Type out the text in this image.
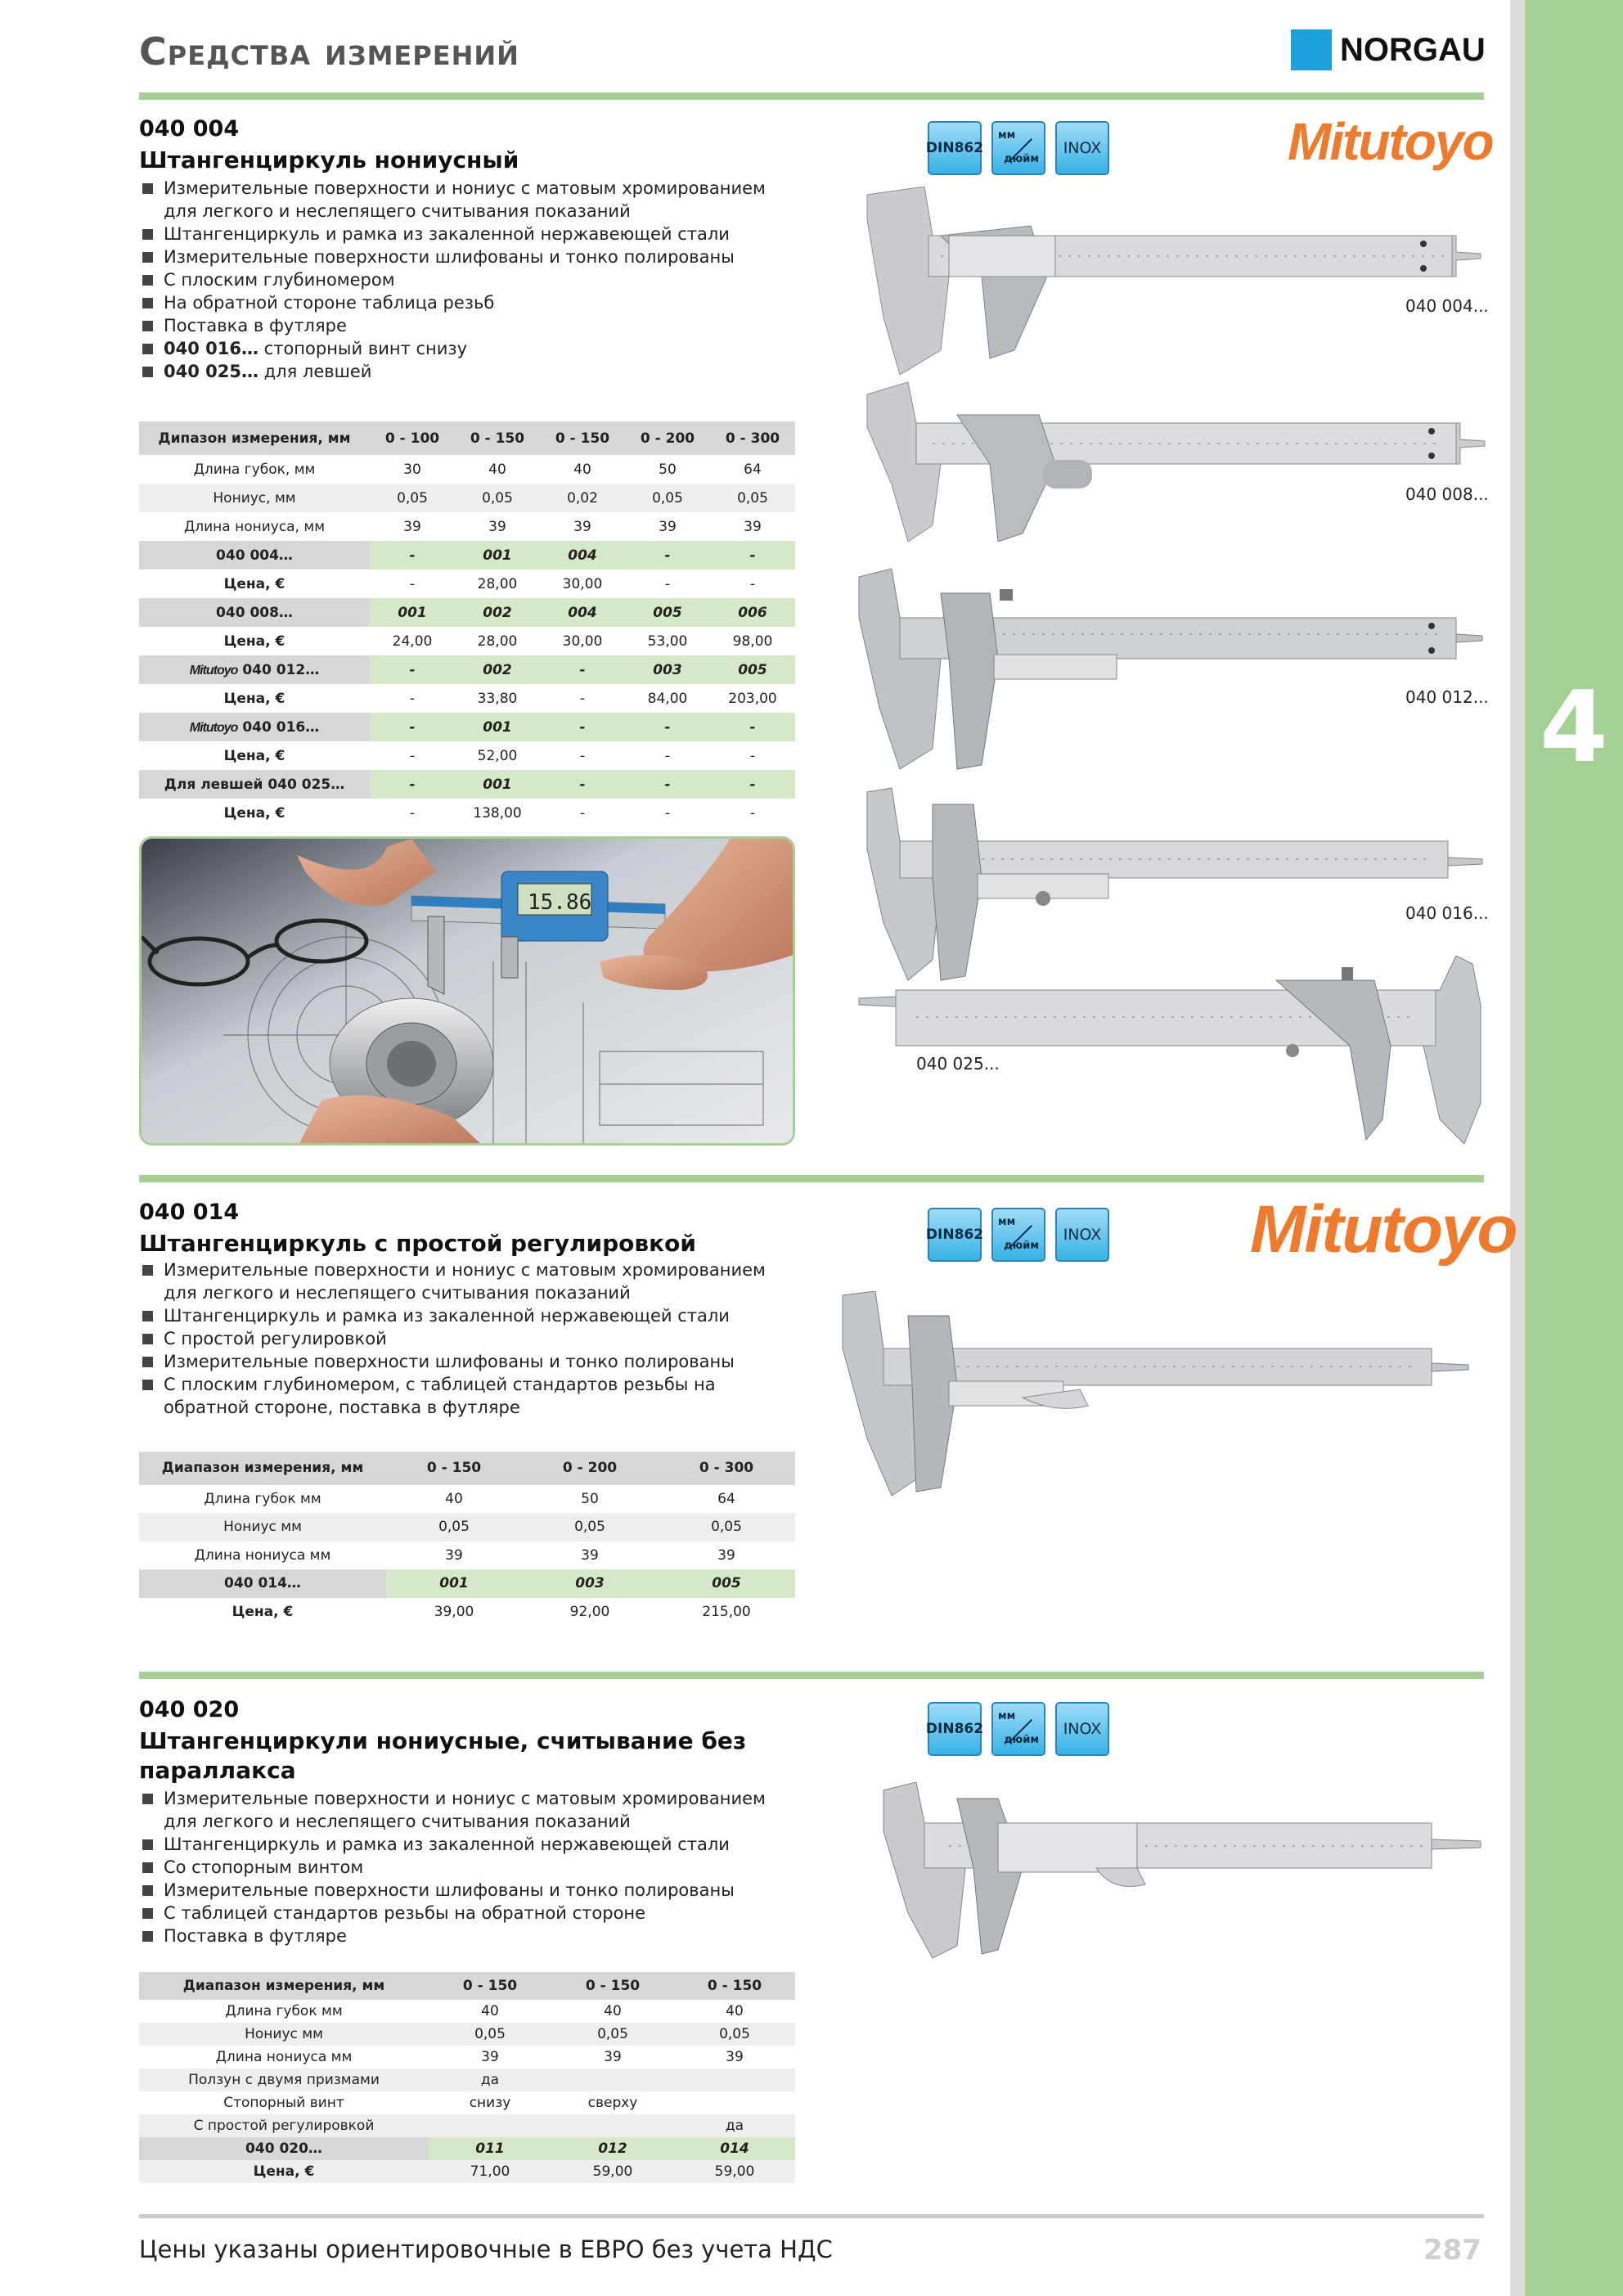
4
Средства измерений	NORGAU
040 004
Штангенциркуль нониусный
Измерительные поверхности и нониус с матовым хромированием для легкого и неслепящего считывания показаний
Штангенциркуль и рамка из закаленной нержавеющей стали
Измерительные поверхности шлифованы и тонко полированы
С плоским глубиномером
На обратной стороне таблица резьб
Поставка в футляре
040 016… стопорный винт снизу
040 025… для левшей
DIN 862
мм
дюйм
INOX	Mitutoyo
Дипазон измерения, мм	0 - 100	0 - 150	0 - 150	0 - 200	0 - 300
Длина губок, мм	30	40	40	50	64
Нониус, мм	0,05	0,05	0,02	0,05	0,05
Длина нониуса, мм	39	39	39	39	39
040 004…	-	001	004	-	-
Цена, €	-	28,00	30,00	-	-
040 008…	001	002	004	005	006
Цена, €	24,00	28,00	30,00	53,00	98,00
Mitutoyo 040 012…	-	002	-	003	005
Цена, €	-	33,80	-	84,00	203,00
Mitutoyo 040 016…	-	001	-	-	-
Цена, €	-	52,00	-	-	-
Для левшей 040 025…	-	001	-	-	-
Цена, €	-	138,00	-	-	-
15.86
040 004...
040 008...
040 012...
040 016...
040 025...
040 014
Штангенциркуль с простой регулировкой
Измерительные поверхности и нониус с матовым хромированием для легкого и неслепящего считывания показаний
Штангенциркуль и рамка из закаленной нержавеющей стали
С простой регулировкой
Измерительные поверхности шлифованы и тонко полированы
С плоским глубиномером, с таблицей стандартов резьбы на обратной стороне, поставка в футляре
DIN 862
мм
дюйм
INOX Mitutoyo
Диапазон измерения, мм	0 - 150	0 - 200	0 - 300
Длина губок мм	40	50	64
Нониус мм	0,05	0,05	0,05
Длина нониуса мм	39	39	39
040 014…	001	003	005
Цена, €	39,00	92,00	215,00
040 020
Штангенциркули нониусные, считывание без параллакса
Измерительные поверхности и нониус с матовым хромированием для легкого и неслепящего считывания показаний
Штангенциркуль и рамка из закаленной нержавеющей стали
Со стопорным винтом
Измерительные поверхности шлифованы и тонко полированы
С таблицей стандартов резьбы на обратной стороне
Поставка в футляре
DIN 862
мм
дюйм
INOX
Диапазон измерения, мм	0 - 150	0 - 150	0 - 150
Длина губок мм	40	40	40
Нониус мм	0,05	0,05	0,05
Длина нониуса мм	39	39	39
Ползун с двумя призмами	да		
Стопорный винт	снизу	сверху	
С простой регулировкой			да
040 020…	011	012	014
Цена, €	71,00	59,00	59,00
Цены указаны ориентировочные в ЕВРО без учета НДС	287
